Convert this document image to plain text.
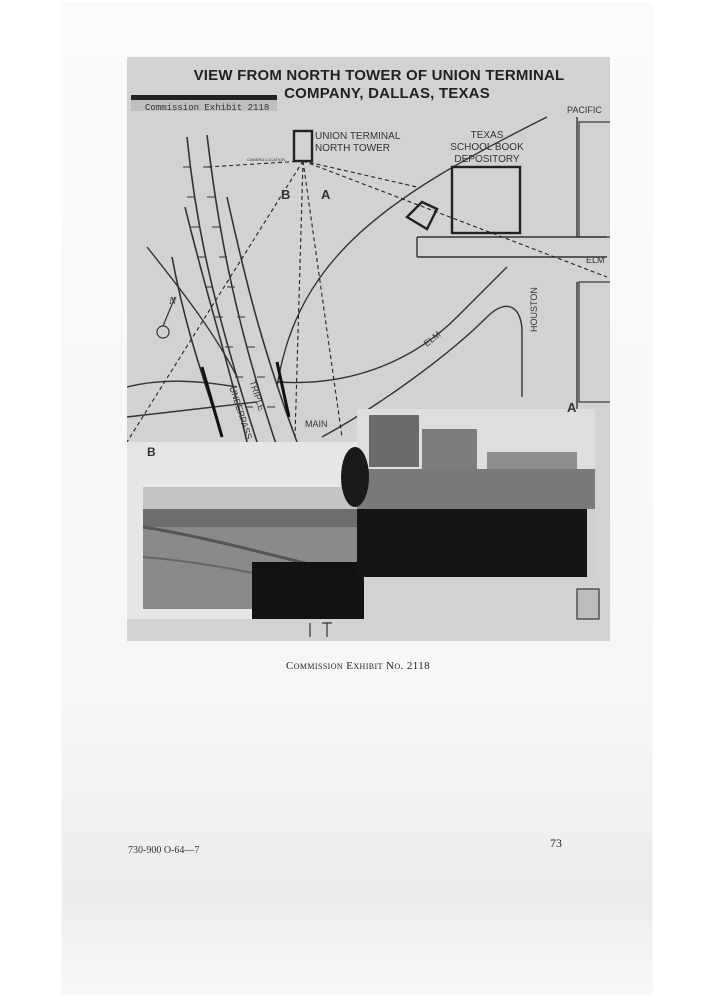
VIEW FROM NORTH TOWER OF UNION TERMINAL
COMPANY, DALLAS, TEXAS
Commission Exhibit 2118
UNION TERMINAL
NORTH TOWER
CAMERA LOCATION
TEXAS
SCHOOL BOOK
DEPOSITORY
PACIFIC
ELM
ELM
HOUSTON
MAIN
TRIPLE
UNDERPASS
B A
B
A
N
Commission Exhibit No. 2118
730-900 O-64—7
73
